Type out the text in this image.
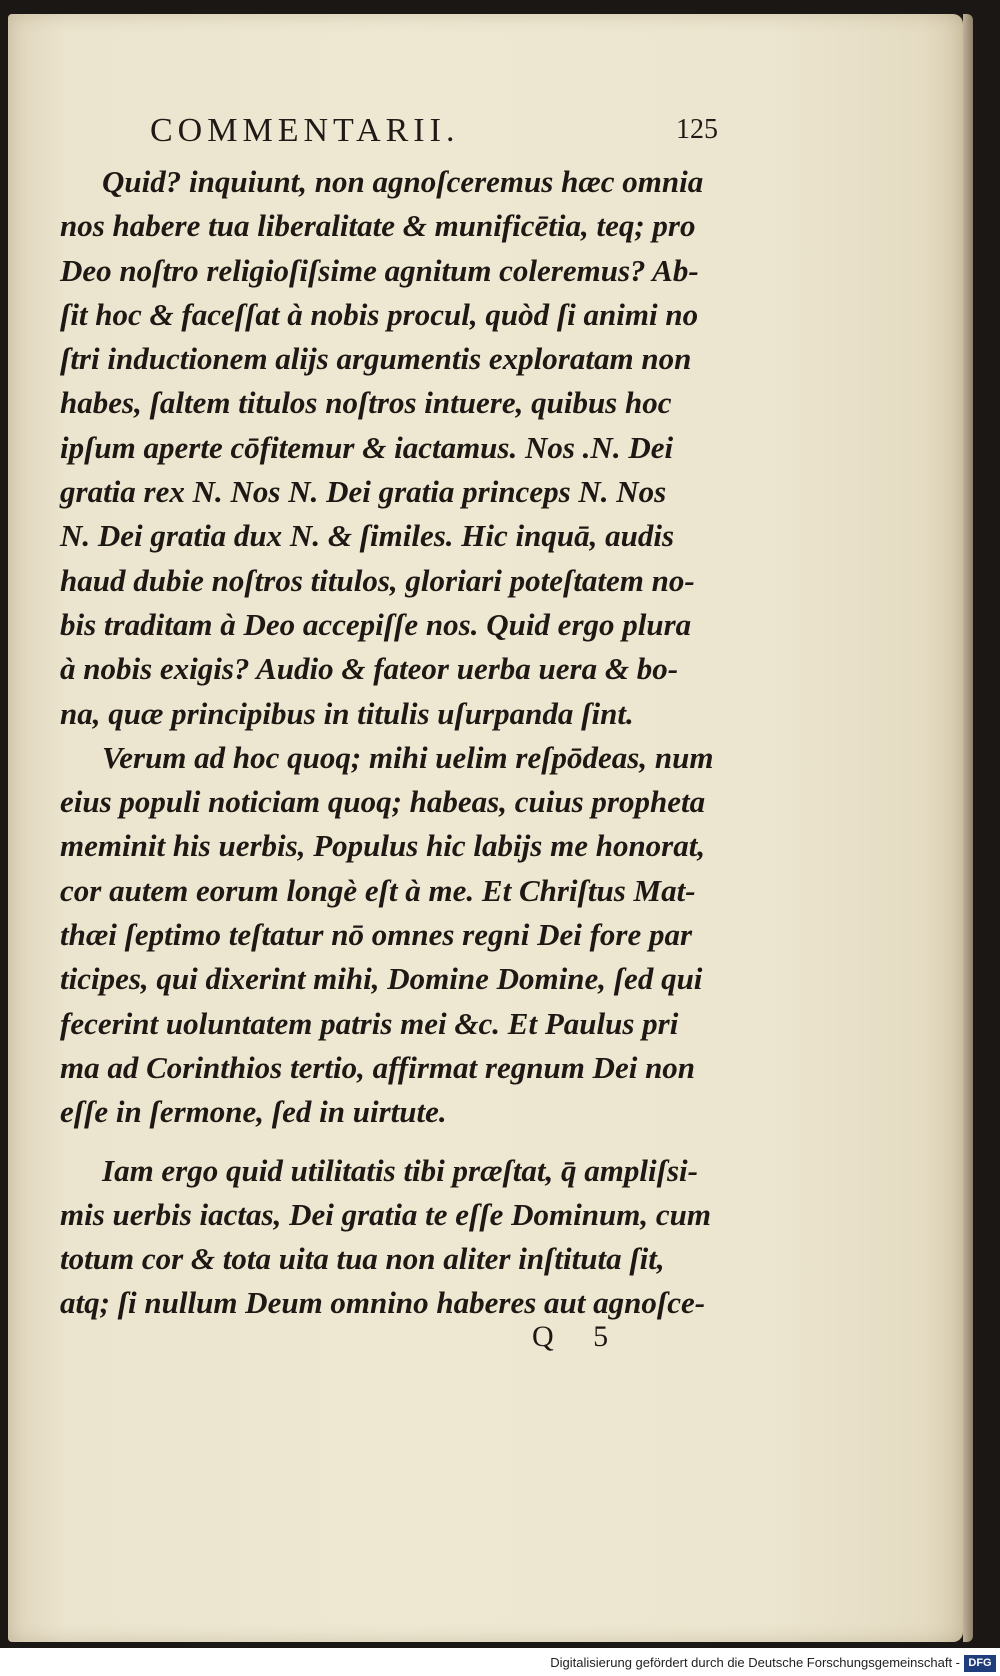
COMMENTARII.	125
Quid? inquiunt, non agnoſceremus hæc omnia
nos habere tua liberalitate & munificētia, teq; pro
Deo noſtro religioſiſsime agnitum coleremus? Ab-
ſit hoc & faceſſat à nobis procul, quòd ſi animi no
ſtri inductionem alijs argumentis exploratam non
habes, ſaltem titulos noſtros intuere, quibus hoc
ipſum aperte cōfitemur & iactamus. Nos .N. Dei
gratia rex N. Nos N. Dei gratia princeps N. Nos
N. Dei gratia dux N. & ſimiles. Hic inquā, audis
haud dubie noſtros titulos, gloriari poteſtatem no-
bis traditam à Deo accepiſſe nos. Quid ergo plura
à nobis exigis? Audio & fateor uerba uera & bo-
na, quæ principibus in titulis uſurpanda ſint.
Verum ad hoc quoq; mihi uelim reſpōdeas, num
eius populi noticiam quoq; habeas, cuius propheta
meminit his uerbis, Populus hic labijs me honorat,
cor autem eorum longè eſt à me. Et Chriſtus Mat-
thæi ſeptimo teſtatur nō omnes regni Dei fore par
ticipes, qui dixerint mihi, Domine Domine, ſed qui
fecerint uoluntatem patris mei &c. Et Paulus pri
ma ad Corinthios tertio, affirmat regnum Dei non
eſſe in ſermone, ſed in uirtute.
Iam ergo quid utilitatis tibi præſtat, q̄ ampliſsi-
mis uerbis iactas, Dei gratia te eſſe Dominum, cum
totum cor & tota uita tua non aliter inſtituta ſit,
atq; ſi nullum Deum omnino haberes aut agnoſce-
Q 5
Digitalisierung gefördert durch die Deutsche Forschungsgemeinschaft - DFG
